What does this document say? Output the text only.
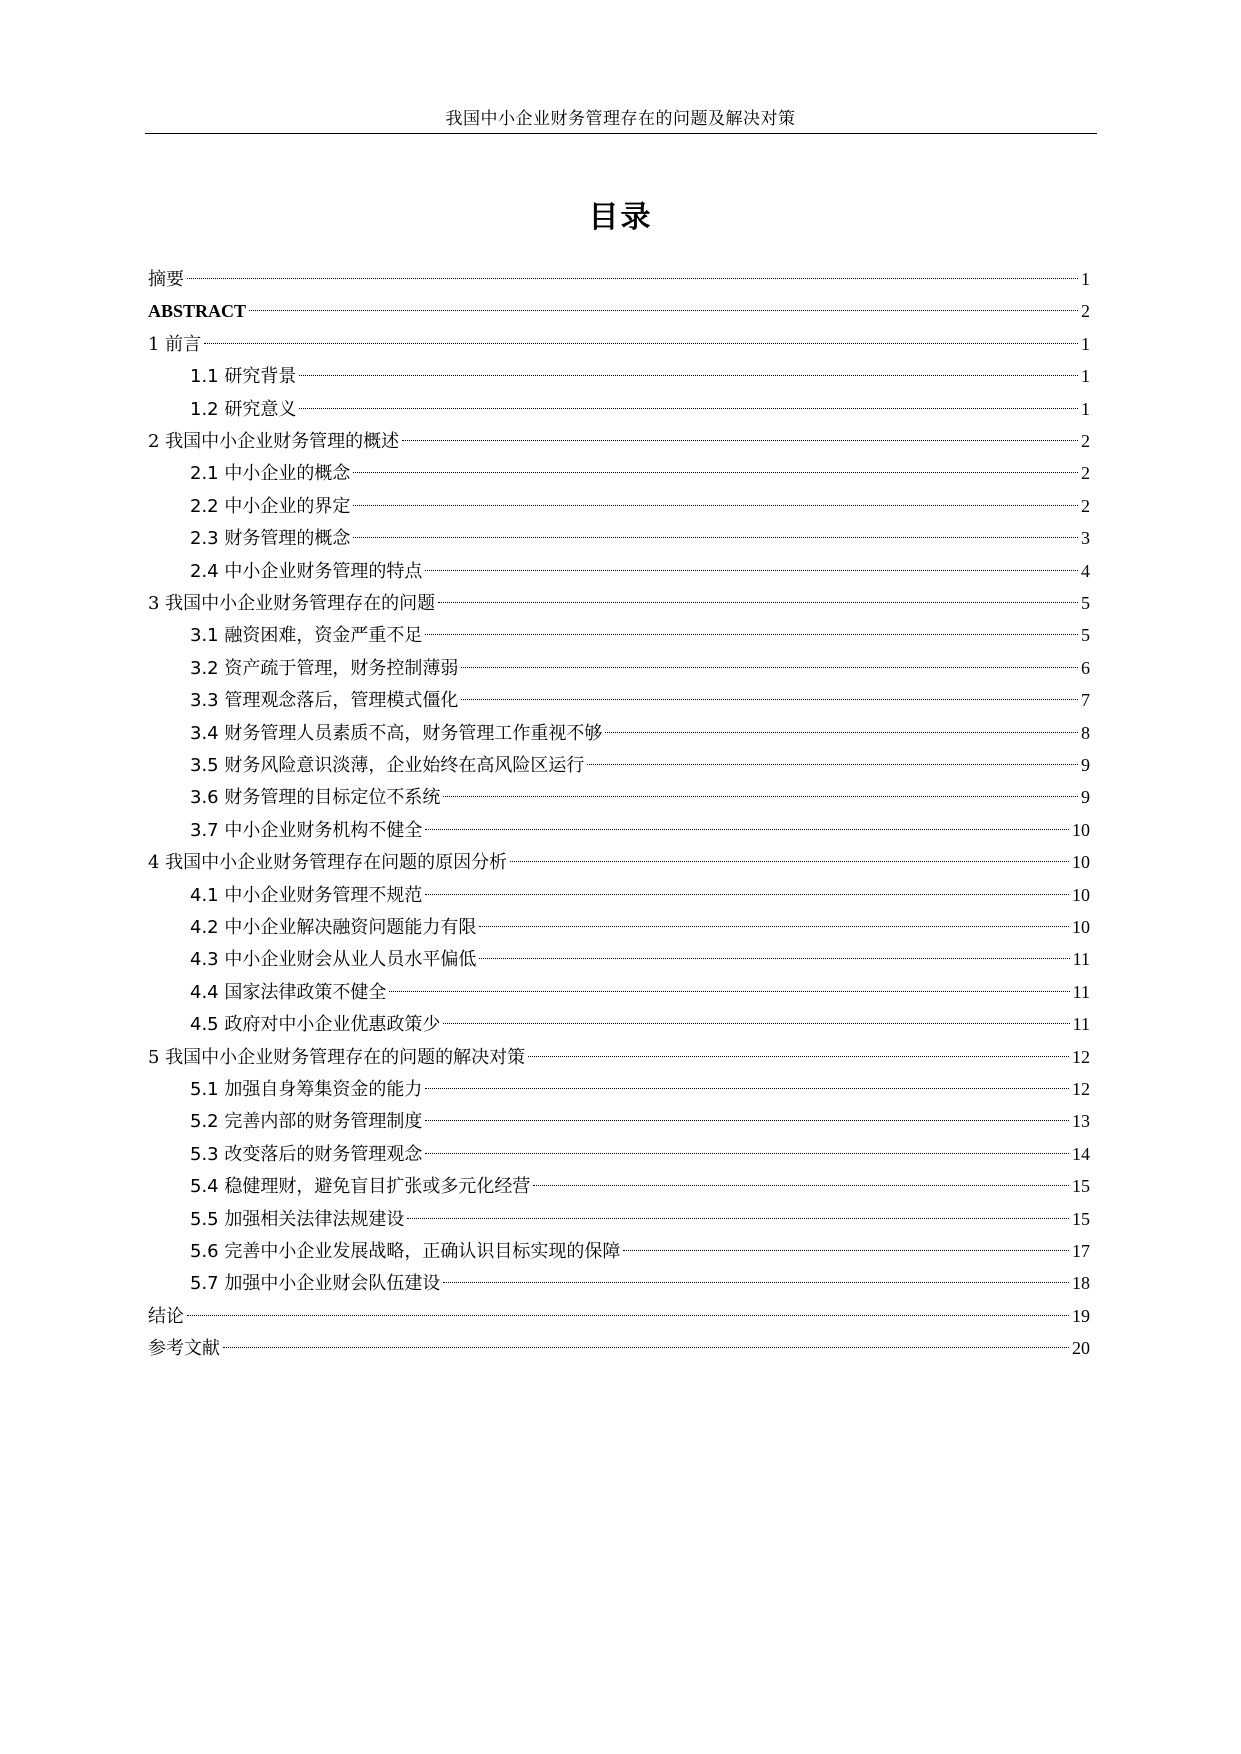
我国中小企业财务管理存在的问题及解决对策
目录
摘要	1
ABSTRACT	2
1 前言	1
1.1 研究背景	1
1.2 研究意义	1
2 我国中小企业财务管理的概述	2
2.1 中小企业的概念	2
2.2 中小企业的界定	2
2.3 财务管理的概念	3
2.4 中小企业财务管理的特点	4
3 我国中小企业财务管理存在的问题	5
3.1 融资困难，资金严重不足	5
3.2 资产疏于管理，财务控制薄弱	6
3.3 管理观念落后，管理模式僵化	7
3.4 财务管理人员素质不高，财务管理工作重视不够	8
3.5 财务风险意识淡薄，企业始终在高风险区运行	9
3.6 财务管理的目标定位不系统	9
3.7 中小企业财务机构不健全	10
4 我国中小企业财务管理存在问题的原因分析	10
4.1 中小企业财务管理不规范	10
4.2 中小企业解决融资问题能力有限	10
4.3 中小企业财会从业人员水平偏低	11
4.4 国家法律政策不健全	11
4.5 政府对中小企业优惠政策少	11
5 我国中小企业财务管理存在的问题的解决对策	12
5.1 加强自身筹集资金的能力	12
5.2 完善内部的财务管理制度	13
5.3 改变落后的财务管理观念	14
5.4 稳健理财，避免盲目扩张或多元化经营	15
5.5 加强相关法律法规建设	15
5.6 完善中小企业发展战略，正确认识目标实现的保障	17
5.7 加强中小企业财会队伍建设	18
结论	19
参考文献	20
